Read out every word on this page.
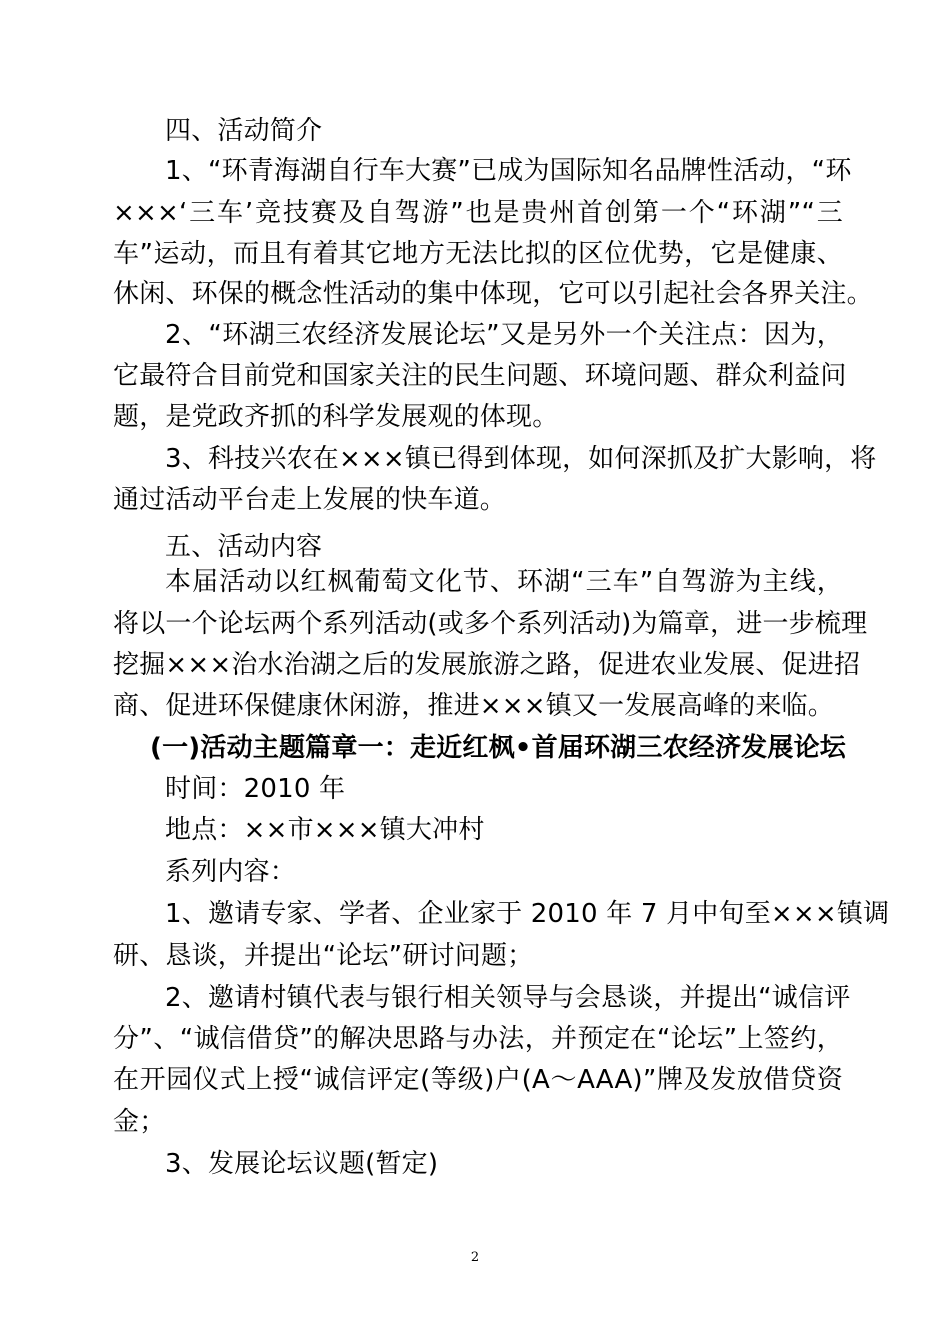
四、活动简介
1、“环青海湖自行车大赛”已成为国际知名品牌性活动，“环
×××‘三车’竞技赛及自驾游”也是贵州首创第一个“环湖”“三
车”运动，而且有着其它地方无法比拟的区位优势，它是健康、
休闲、环保的概念性活动的集中体现，它可以引起社会各界关注。
2、“环湖三农经济发展论坛”又是另外一个关注点：因为，
它最符合目前党和国家关注的民生问题、环境问题、群众利益问
题，是党政齐抓的科学发展观的体现。
3、科技兴农在×××镇已得到体现，如何深抓及扩大影响，将
通过活动平台走上发展的快车道。
五、活动内容
本届活动以红枫葡萄文化节、环湖“三车”自驾游为主线，
将以一个论坛两个系列活动(或多个系列活动)为篇章，进一步梳理
挖掘×××治水治湖之后的发展旅游之路，促进农业发展、促进招
商、促进环保健康休闲游，推进×××镇又一发展高峰的来临。
(一)活动主题篇章一：走近红枫•首届环湖三农经济发展论坛
时间：2010 年
地点：××市×××镇大冲村
系列内容：
1、邀请专家、学者、企业家于 2010 年 7 月中旬至×××镇调
研、恳谈，并提出“论坛”研讨问题；
2、邀请村镇代表与银行相关领导与会恳谈，并提出“诚信评
分”、“诚信借贷”的解决思路与办法，并预定在“论坛”上签约，
在开园仪式上授“诚信评定(等级)户(A～AAA)”牌及发放借贷资
金；
3、发展论坛议题(暂定)
2
